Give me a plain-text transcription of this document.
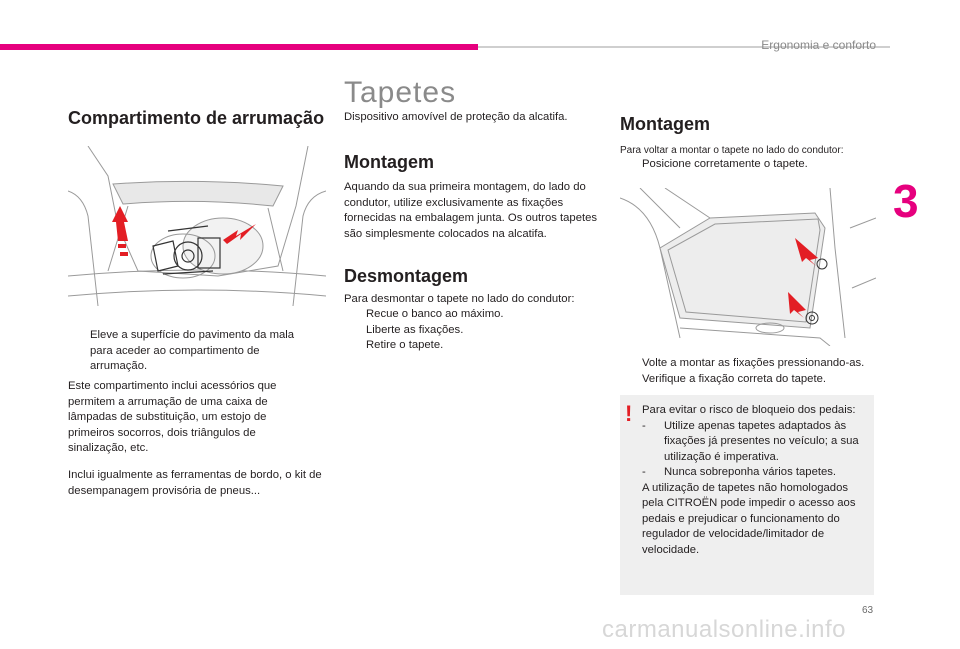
Ergonomia e conforto
3
Compartimento de arrumação
Eleve a superfície do pavimento da mala para aceder ao compartimento de arrumação.

Este compartimento inclui acessórios que permitem a arrumação de uma caixa de lâmpadas de substituição, um estojo de primeiros socorros, dois triângulos de sinalização, etc.

Inclui igualmente as ferramentas de bordo, o kit de desempanagem provisória de pneus...

Tapetes

Dispositivo amovível de proteção da alcatifa.

Montagem

Aquando da sua primeira montagem, do lado do condutor, utilize exclusivamente as fixações fornecidas na embalagem junta. Os outros tapetes são simplesmente colocados na alcatifa.

Desmontagem

Para desmontar o tapete no lado do condutor:

Recue o banco ao máximo.
Liberte as fixações.
Retire o tapete.
Montagem

Para voltar a montar o tapete no lado do condutor:

Posicione corretamente o tapete.
Volte a montar as fixações pressionando-as.
Verifique a fixação correta do tapete.
! Para evitar o risco de bloqueio dos pedais:

-	Utilize apenas tapetes adaptados às fixações já presentes no veículo; a sua utilização é imperativa.
-	Nunca sobreponha vários tapetes.

A utilização de tapetes não homologados pela CITROËN pode impedir o acesso aos pedais e prejudicar o funcionamento do regulador de velocidade/limitador de velocidade.

63
carmanualsonline.info
